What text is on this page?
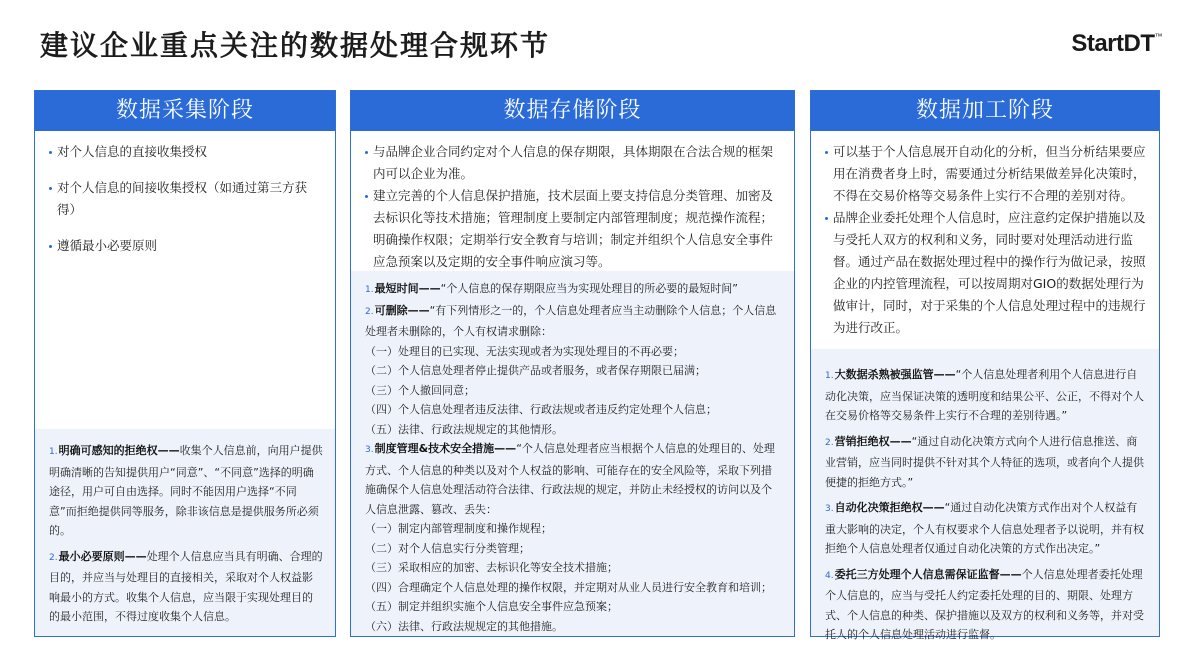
建议企业重点关注的数据处理合规环节	StartDT™
数据采集阶段
对个人信息的直接收集授权
对个人信息的间接收集授权（如通过第三方获得）
遵循最小必要原则
1.明确可感知的拒绝权——收集个人信息前，向用户提供明确清晰的告知提供用户“同意”、“不同意”选择的明确途径，用户可自由选择。同时不能因用户选择“不同意”而拒绝提供同等服务，除非该信息是提供服务所必须的。
2.最小必要原则——处理个人信息应当具有明确、合理的目的，并应当与处理目的直接相关，采取对个人权益影响最小的方式。收集个人信息，应当限于实现处理目的的最小范围，不得过度收集个人信息。
数据存储阶段
与品牌企业合同约定对个人信息的保存期限，具体期限在合法合规的框架内可以企业为准。
建立完善的个人信息保护措施，技术层面上要支持信息分类管理、加密及去标识化等技术措施；管理制度上要制定内部管理制度；规范操作流程；明确操作权限；定期举行安全教育与培训；制定并组织个人信息安全事件应急预案以及定期的安全事件响应演习等。
1.最短时间——“个人信息的保存期限应当为实现处理目的所必要的最短时间”
2.可删除——“有下列情形之一的，个人信息处理者应当主动删除个人信息；个人信息处理者未删除的，个人有权请求删除：
（一）处理目的已实现、无法实现或者为实现处理目的不再必要；
（二）个人信息处理者停止提供产品或者服务，或者保存期限已届满；
（三）个人撤回同意；
（四）个人信息处理者违反法律、行政法规或者违反约定处理个人信息；
（五）法律、行政法规规定的其他情形。
3.制度管理&技术安全措施——“个人信息处理者应当根据个人信息的处理目的、处理方式、个人信息的种类以及对个人权益的影响、可能存在的安全风险等，采取下列措施确保个人信息处理活动符合法律、行政法规的规定，并防止未经授权的访问以及个人信息泄露、篡改、丢失：
（一）制定内部管理制度和操作规程；
（二）对个人信息实行分类管理；
（三）采取相应的加密、去标识化等安全技术措施；
（四）合理确定个人信息处理的操作权限，并定期对从业人员进行安全教育和培训；
（五）制定并组织实施个人信息安全事件应急预案；
（六）法律、行政法规规定的其他措施。
数据加工阶段
可以基于个人信息展开自动化的分析，但当分析结果要应用在消费者身上时，需要通过分析结果做差异化决策时，不得在交易价格等交易条件上实行不合理的差别对待。
品牌企业委托处理个人信息时，应注意约定保护措施以及与受托人双方的权利和义务，同时要对处理活动进行监督。通过产品在数据处理过程中的操作行为做记录，按照企业的内控管理流程，可以按周期对GIO的数据处理行为做审计，同时，对于采集的个人信息处理过程中的违规行为进行改正。
1.大数据杀熟被强监管——“个人信息处理者利用个人信息进行自动化决策，应当保证决策的透明度和结果公平、公正，不得对个人在交易价格等交易条件上实行不合理的差别待遇。”
2.营销拒绝权——“通过自动化决策方式向个人进行信息推送、商业营销，应当同时提供不针对其个人特征的选项，或者向个人提供便捷的拒绝方式。”
3.自动化决策拒绝权——“通过自动化决策方式作出对个人权益有重大影响的决定，个人有权要求个人信息处理者予以说明，并有权拒绝个人信息处理者仅通过自动化决策的方式作出决定。”
4.委托三方处理个人信息需保证监督——个人信息处理者委托处理个人信息的，应当与受托人约定委托处理的目的、期限、处理方式、个人信息的种类、保护措施以及双方的权利和义务等，并对受托人的个人信息处理活动进行监督。
